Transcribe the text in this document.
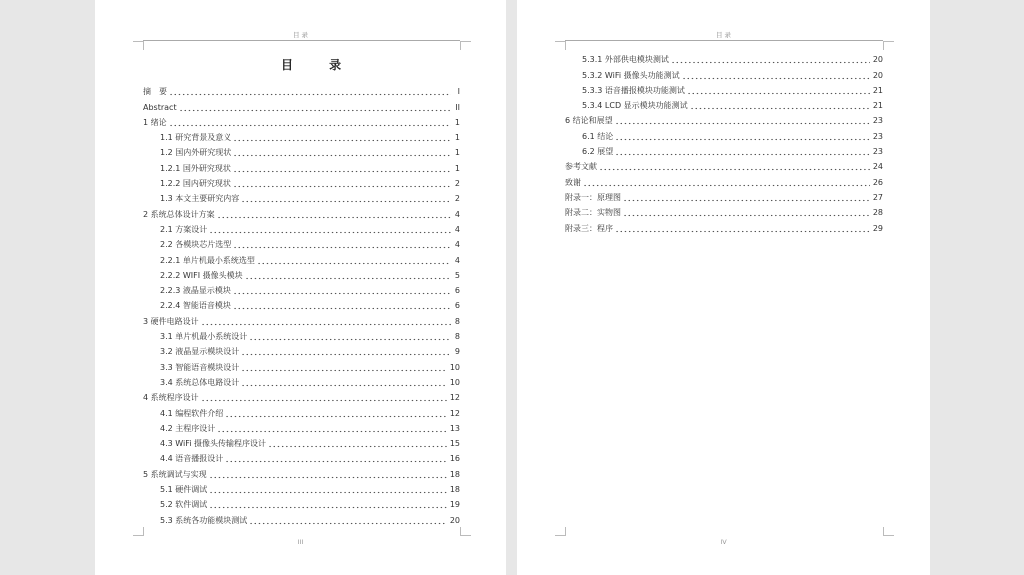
目 录
目 录
摘　要	I
Abstract	II
1 绪论	1
1.1 研究背景及意义	1
1.2 国内外研究现状	1
1.2.1 国外研究现状	1
1.2.2 国内研究现状	2
1.3 本文主要研究内容	2
2 系统总体设计方案	4
2.1 方案设计	4
2.2 各模块芯片选型	4
2.2.1 单片机最小系统选型	4
2.2.2 WIFI 摄像头模块	5
2.2.3 液晶显示模块	6
2.2.4 智能语音模块	6
3 硬件电路设计	8
3.1 单片机最小系统设计	8
3.2 液晶显示模块设计	9
3.3 智能语音模块设计	10
3.4 系统总体电路设计	10
4 系统程序设计	12
4.1 编程软件介绍	12
4.2 主程序设计	13
4.3 WiFi 摄像头传输程序设计	15
4.4 语音播报设计	16
5 系统调试与实现	18
5.1 硬件调试	18
5.2 软件调试	19
5.3 系统各功能模块测试	20
III
目 录
5.3.1 外部供电模块测试	20
5.3.2 WiFi 摄像头功能测试	20
5.3.3 语音播报模块功能测试	21
5.3.4 LCD 显示模块功能测试	21
6 结论和展望	23
6.1 结论	23
6.2 展望	23
参考文献	24
致谢	26
附录一：原理图	27
附录二：实物图	28
附录三：程序	29
IV
